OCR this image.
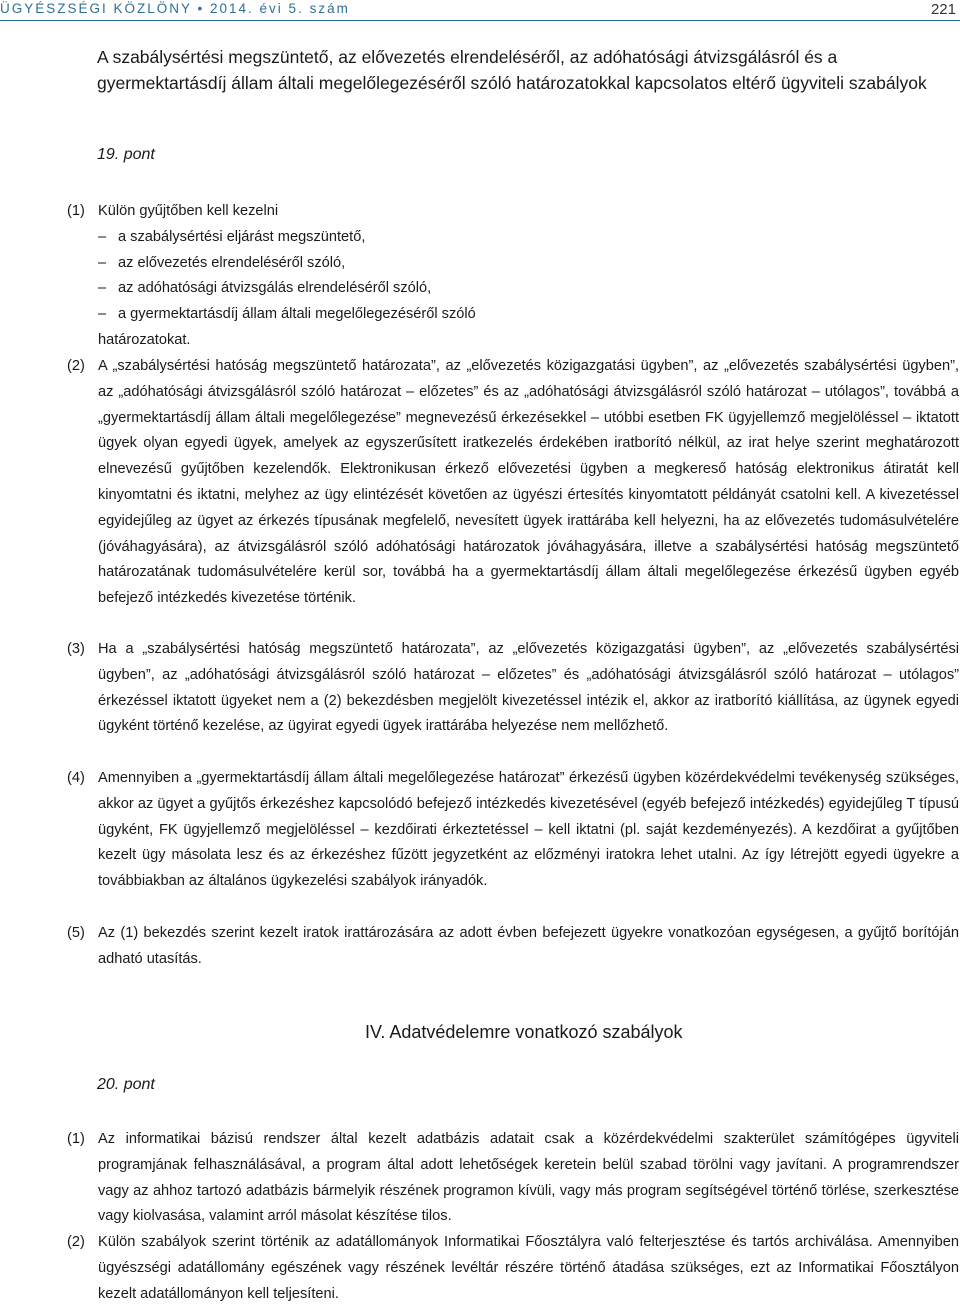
ÜGYÉSZSÉGI KÖZLÖNY • 2014. évi 5. szám	221
A szabálysértési megszüntető, az elővezetés elrendeléséről, az adóhatósági átvizsgálásról és a gyermektartásdíj állam általi megelőlegezéséről szóló határozatokkal kapcsolatos eltérő ügyviteli szabályok
19. pont
(1) Külön gyűjtőben kell kezelni
– a szabálysértési eljárást megszüntető,
– az elővezetés elrendeléséről szóló,
– az adóhatósági átvizsgálás elrendeléséről szóló,
– a gyermektartásdíj állam általi megelőlegezéséről szóló
határozatokat.
(2) A „szabálysértési hatóság megszüntető határozata”, az „elővezetés közigazgatási ügyben”, az „elővezetés szabálysértési ügyben”, az „adóhatósági átvizsgálásról szóló határozat – előzetes” és az „adóhatósági átvizsgálásról szóló határozat – utólagos”, továbbá a „gyermektartásdíj állam általi megelőlegezése” megnevezésű érkezésekkel – utóbbi esetben FK ügyjellemző megjelöléssel – iktatott ügyek olyan egyedi ügyek, amelyek az egyszerűsített iratkezelés érdekében iratborító nélkül, az irat helye szerint meghatározott elnevezésű gyűjtőben kezelendők. Elektronikusan érkező elővezetési ügyben a megkereső hatóság elektronikus átiratát kell kinyomtatni és iktatni, melyhez az ügy elintézését követően az ügyészi értesítés kinyomtatott példányát csatolni kell. A kivezetéssel egyidejűleg az ügyet az érkezés típusának megfelelő, nevesített ügyek irattárába kell helyezni, ha az elővezetés tudomásulvételére (jóváhagyására), az átvizsgálásról szóló adóhatósági határozatok jóváhagyására, illetve a szabálysértési hatóság megszüntető határozatának tudomásulvételére kerül sor, továbbá ha a gyermektartásdíj állam általi megelőlegezése érkezésű ügyben egyéb befejező intézkedés kivezetése történik.
(3) Ha a „szabálysértési hatóság megszüntető határozata”, az „elővezetés közigazgatási ügyben”, az „elővezetés szabálysértési ügyben”, az „adóhatósági átvizsgálásról szóló határozat – előzetes” és „adóhatósági átvizsgálásról szóló határozat – utólagos” érkezéssel iktatott ügyeket nem a (2) bekezdésben megjelölt kivezetéssel intézik el, akkor az iratborító kiállítása, az ügynek egyedi ügyként történő kezelése, az ügyirat egyedi ügyek irattárába helyezése nem mellőzhető.
(4) Amennyiben a „gyermektartásdíj állam általi megelőlegezése határozat” érkezésű ügyben közérdekvédelmi tevékenység szükséges, akkor az ügyet a gyűjtős érkezéshez kapcsolódó befejező intézkedés kivezetésével (egyéb befejező intézkedés) egyidejűleg T típusú ügyként, FK ügyjellemző megjelöléssel – kezdőirati érkeztetéssel – kell iktatni (pl. saját kezdeményezés). A kezdőirat a gyűjtőben kezelt ügy másolata lesz és az érkezéshez fűzött jegyzetként az előzményi iratokra lehet utalni. Az így létrejött egyedi ügyekre a továbbiakban az általános ügykezelési szabályok irányadók.
(5) Az (1) bekezdés szerint kezelt iratok irattározására az adott évben befejezett ügyekre vonatkozóan egységesen, a gyűjtő borítóján adható utasítás.
IV. Adatvédelemre vonatkozó szabályok
20. pont
(1) Az informatikai bázisú rendszer által kezelt adatbázis adatait csak a közérdekvédelmi szakterület számítógépes ügyviteli programjának felhasználásával, a program által adott lehetőségek keretein belül szabad törölni vagy javítani. A programrendszer vagy az ahhoz tartozó adatbázis bármelyik részének programon kívüli, vagy más program segítségével történő törlése, szerkesztése vagy kiolvasása, valamint arról másolat készítése tilos.
(2) Külön szabályok szerint történik az adatállományok Informatikai Főosztályra való felterjesztése és tartós archiválása. Amennyiben ügyészségi adatállomány egészének vagy részének levéltár részére történő átadása szükséges, ezt az Informatikai Főosztályon kezelt adatállományon kell teljesíteni.
